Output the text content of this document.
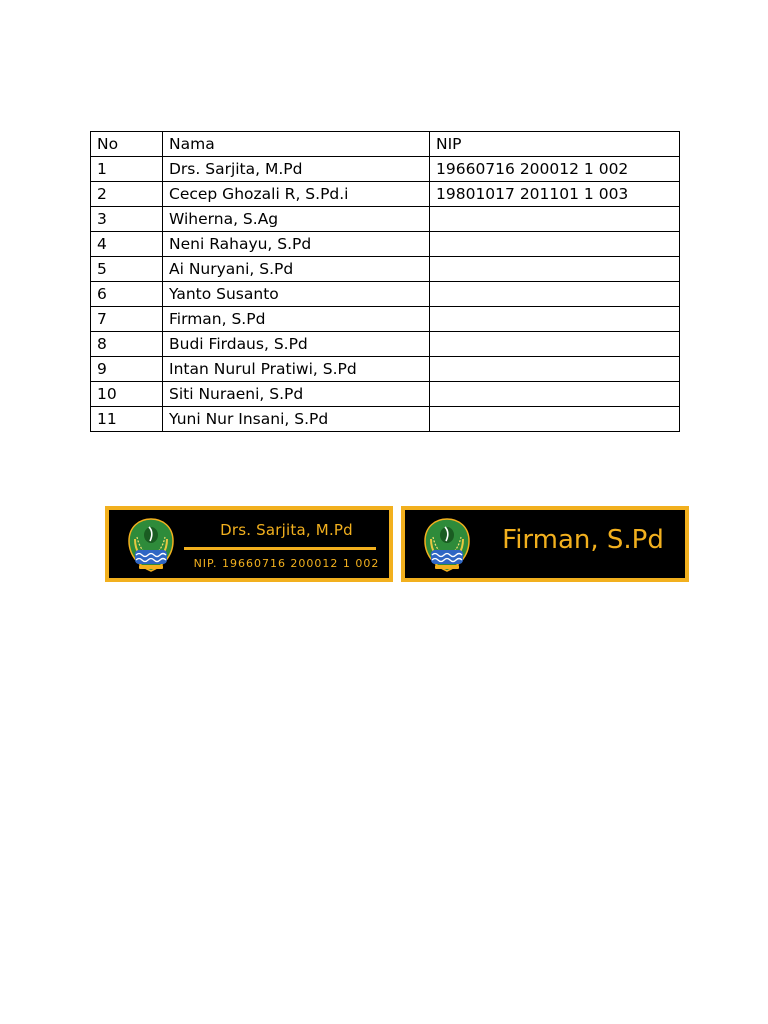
No	Nama	NIP
1	Drs. Sarjita, M.Pd	19660716 200012 1 002
2	Cecep Ghozali R, S.Pd.i	19801017 201101 1 003
3	Wiherna, S.Ag	
4	Neni Rahayu, S.Pd	
5	Ai Nuryani, S.Pd	
6	Yanto Susanto	
7	Firman, S.Pd	
8	Budi Firdaus, S.Pd	
9	Intan Nurul Pratiwi, S.Pd	
10	Siti Nuraeni, S.Pd	
11	Yuni Nur Insani, S.Pd	
Drs. Sarjita, M.Pd
NIP. 19660716 200012 1 002
Firman, S.Pd
